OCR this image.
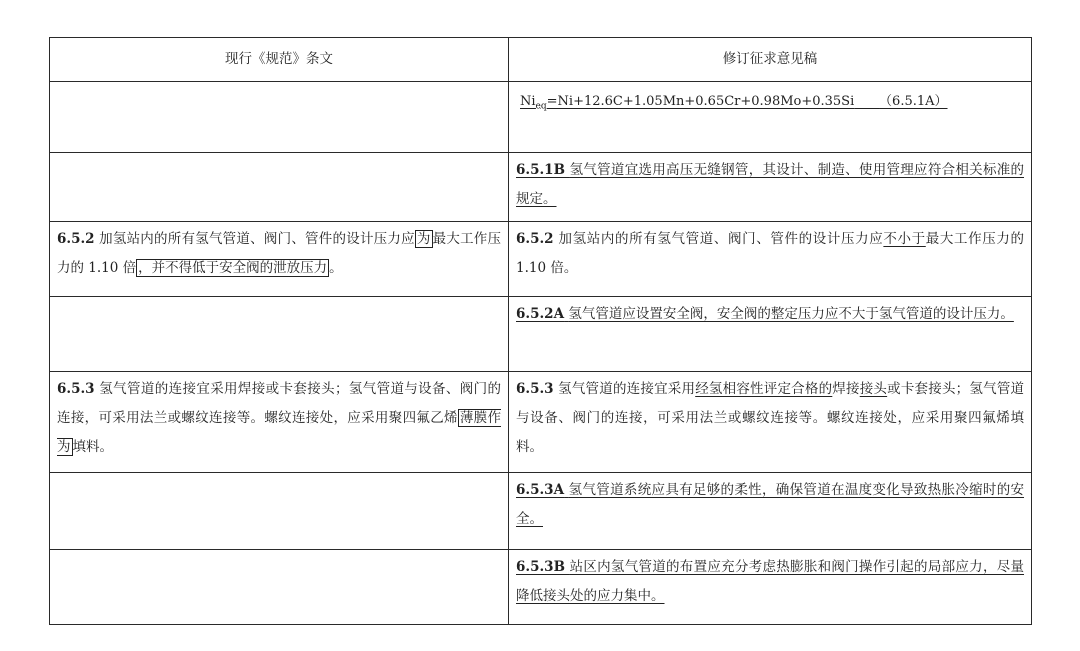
现行《规范》条文	修订征求意见稿
	$Ni_{eq}=Ni+12.6C+1.05Mn+0.65Cr+0.98Mo+0.35Si$ （6.5.1A）

	6.5.1B 氢气管道宜选用高压无缝钢管，其设计、制造、使用管理应符合相关标准的规定。

6.5.2 加氢站内的所有氢气管道、阀门、管件的设计压力应 为 最大工作压力的 1.10 倍 ，并不得低于安全阀的泄放压力 。	6.5.2 加氢站内的所有氢气管道、阀门、管件的设计压力应不小于最大工作压力的 1.10 倍。

	6.5.2A 氢气管道应设置安全阀，安全阀的整定压力应不大于氢气管道的设计压力。

6.5.3 氢气管道的连接宜采用焊接或卡套接头；氢气管道与设备、阀门的连接，可采用法兰或螺纹连接等。螺纹连接处，应采用聚四氟乙烯 薄膜作为 填料。	6.5.3 氢气管道的连接宜采用经氢相容性评定合格的焊接接头或卡套接头；氢气管道与设备、阀门的连接，可采用法兰或螺纹连接等。螺纹连接处，应采用聚四氟烯填料。

	6.5.3A 氢气管道系统应具有足够的柔性，确保管道在温度变化导致热胀冷缩时的安全。

	6.5.3B 站区内氢气管道的布置应充分考虑热膨胀和阀门操作引起的局部应力，尽量降低接头处的应力集中。
